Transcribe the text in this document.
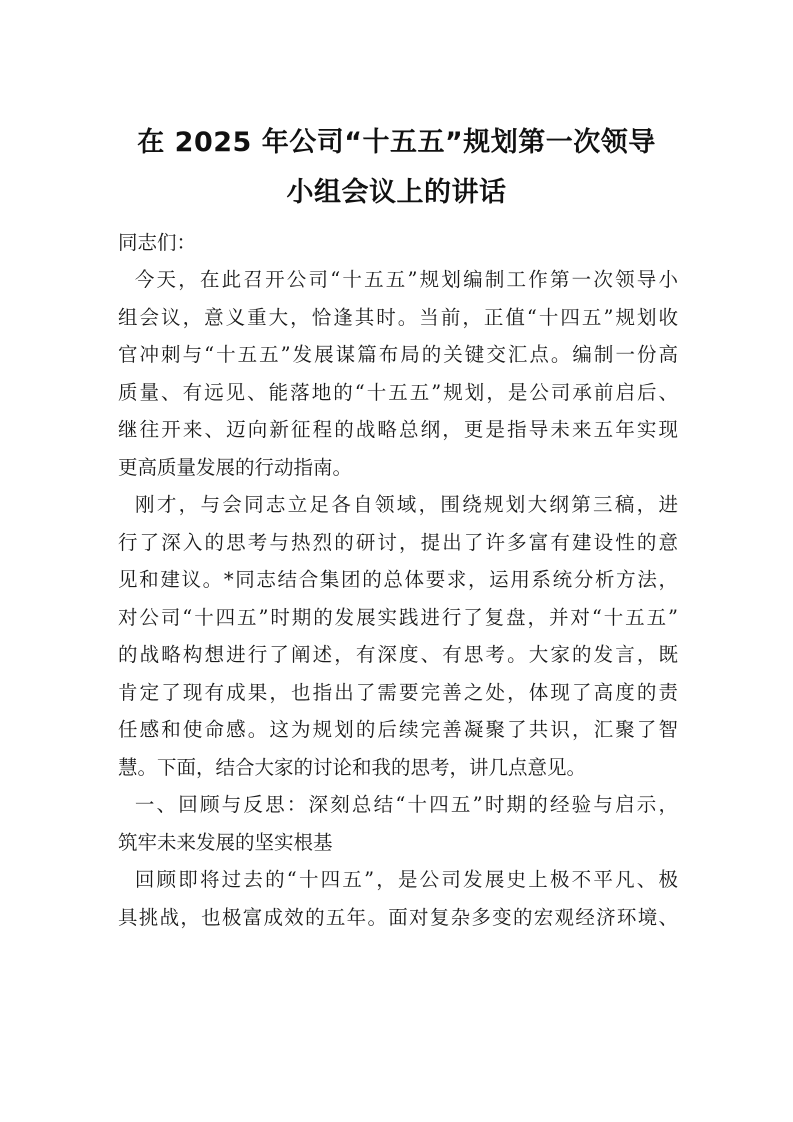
在 2025 年公司“十五五”规划第一次领导
小组会议上的讲话
同志们：
今天，在此召开公司“十五五”规划编制工作第一次领导小
组会议，意义重大，恰逢其时。当前，正值“十四五”规划收
官冲刺与“十五五”发展谋篇布局的关键交汇点。编制一份高
质量、有远见、能落地的“十五五”规划，是公司承前启后、
继往开来、迈向新征程的战略总纲，更是指导未来五年实现
更高质量发展的行动指南。
刚才，与会同志立足各自领域，围绕规划大纲第三稿，进
行了深入的思考与热烈的研讨，提出了许多富有建设性的意
见和建议。*同志结合集团的总体要求，运用系统分析方法，
对公司“十四五”时期的发展实践进行了复盘，并对“十五五”
的战略构想进行了阐述，有深度、有思考。大家的发言，既
肯定了现有成果，也指出了需要完善之处，体现了高度的责
任感和使命感。这为规划的后续完善凝聚了共识，汇聚了智
慧。下面，结合大家的讨论和我的思考，讲几点意见。
一、回顾与反思：深刻总结“十四五”时期的经验与启示，
筑牢未来发展的坚实根基
回顾即将过去的“十四五”，是公司发展史上极不平凡、极
具挑战，也极富成效的五年。面对复杂多变的宏观经济环境、
